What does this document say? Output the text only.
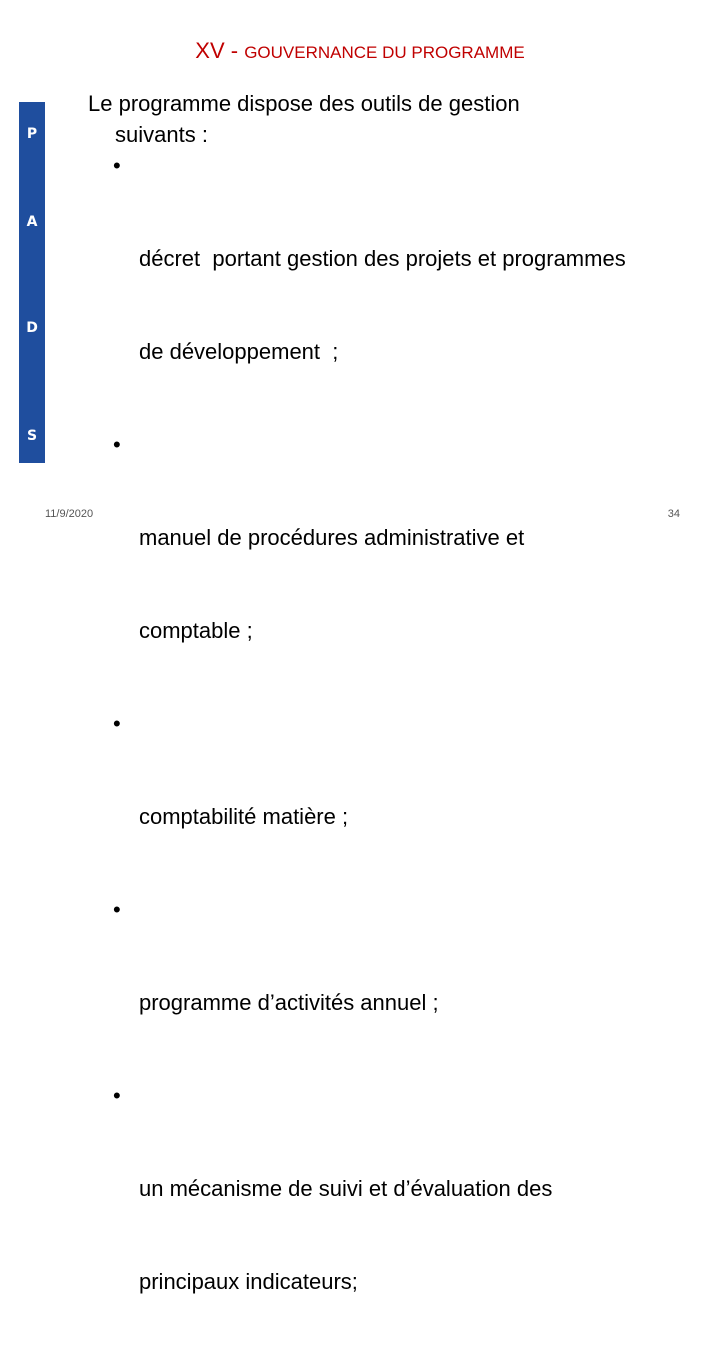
XV - GOUVERNANCE DU PROGRAMME
P
A
D
S
Le programme dispose des outils de gestion
suivants :

•

décret  portant gestion des projets et programmes

de développement  ;

•

manuel de procédures administrative et

comptable ;

•

comptabilité matière ;

•

programme d’activités annuel ;

•

un mécanisme de suivi et d’évaluation des

principaux indicateurs;

11/9/2020	34
